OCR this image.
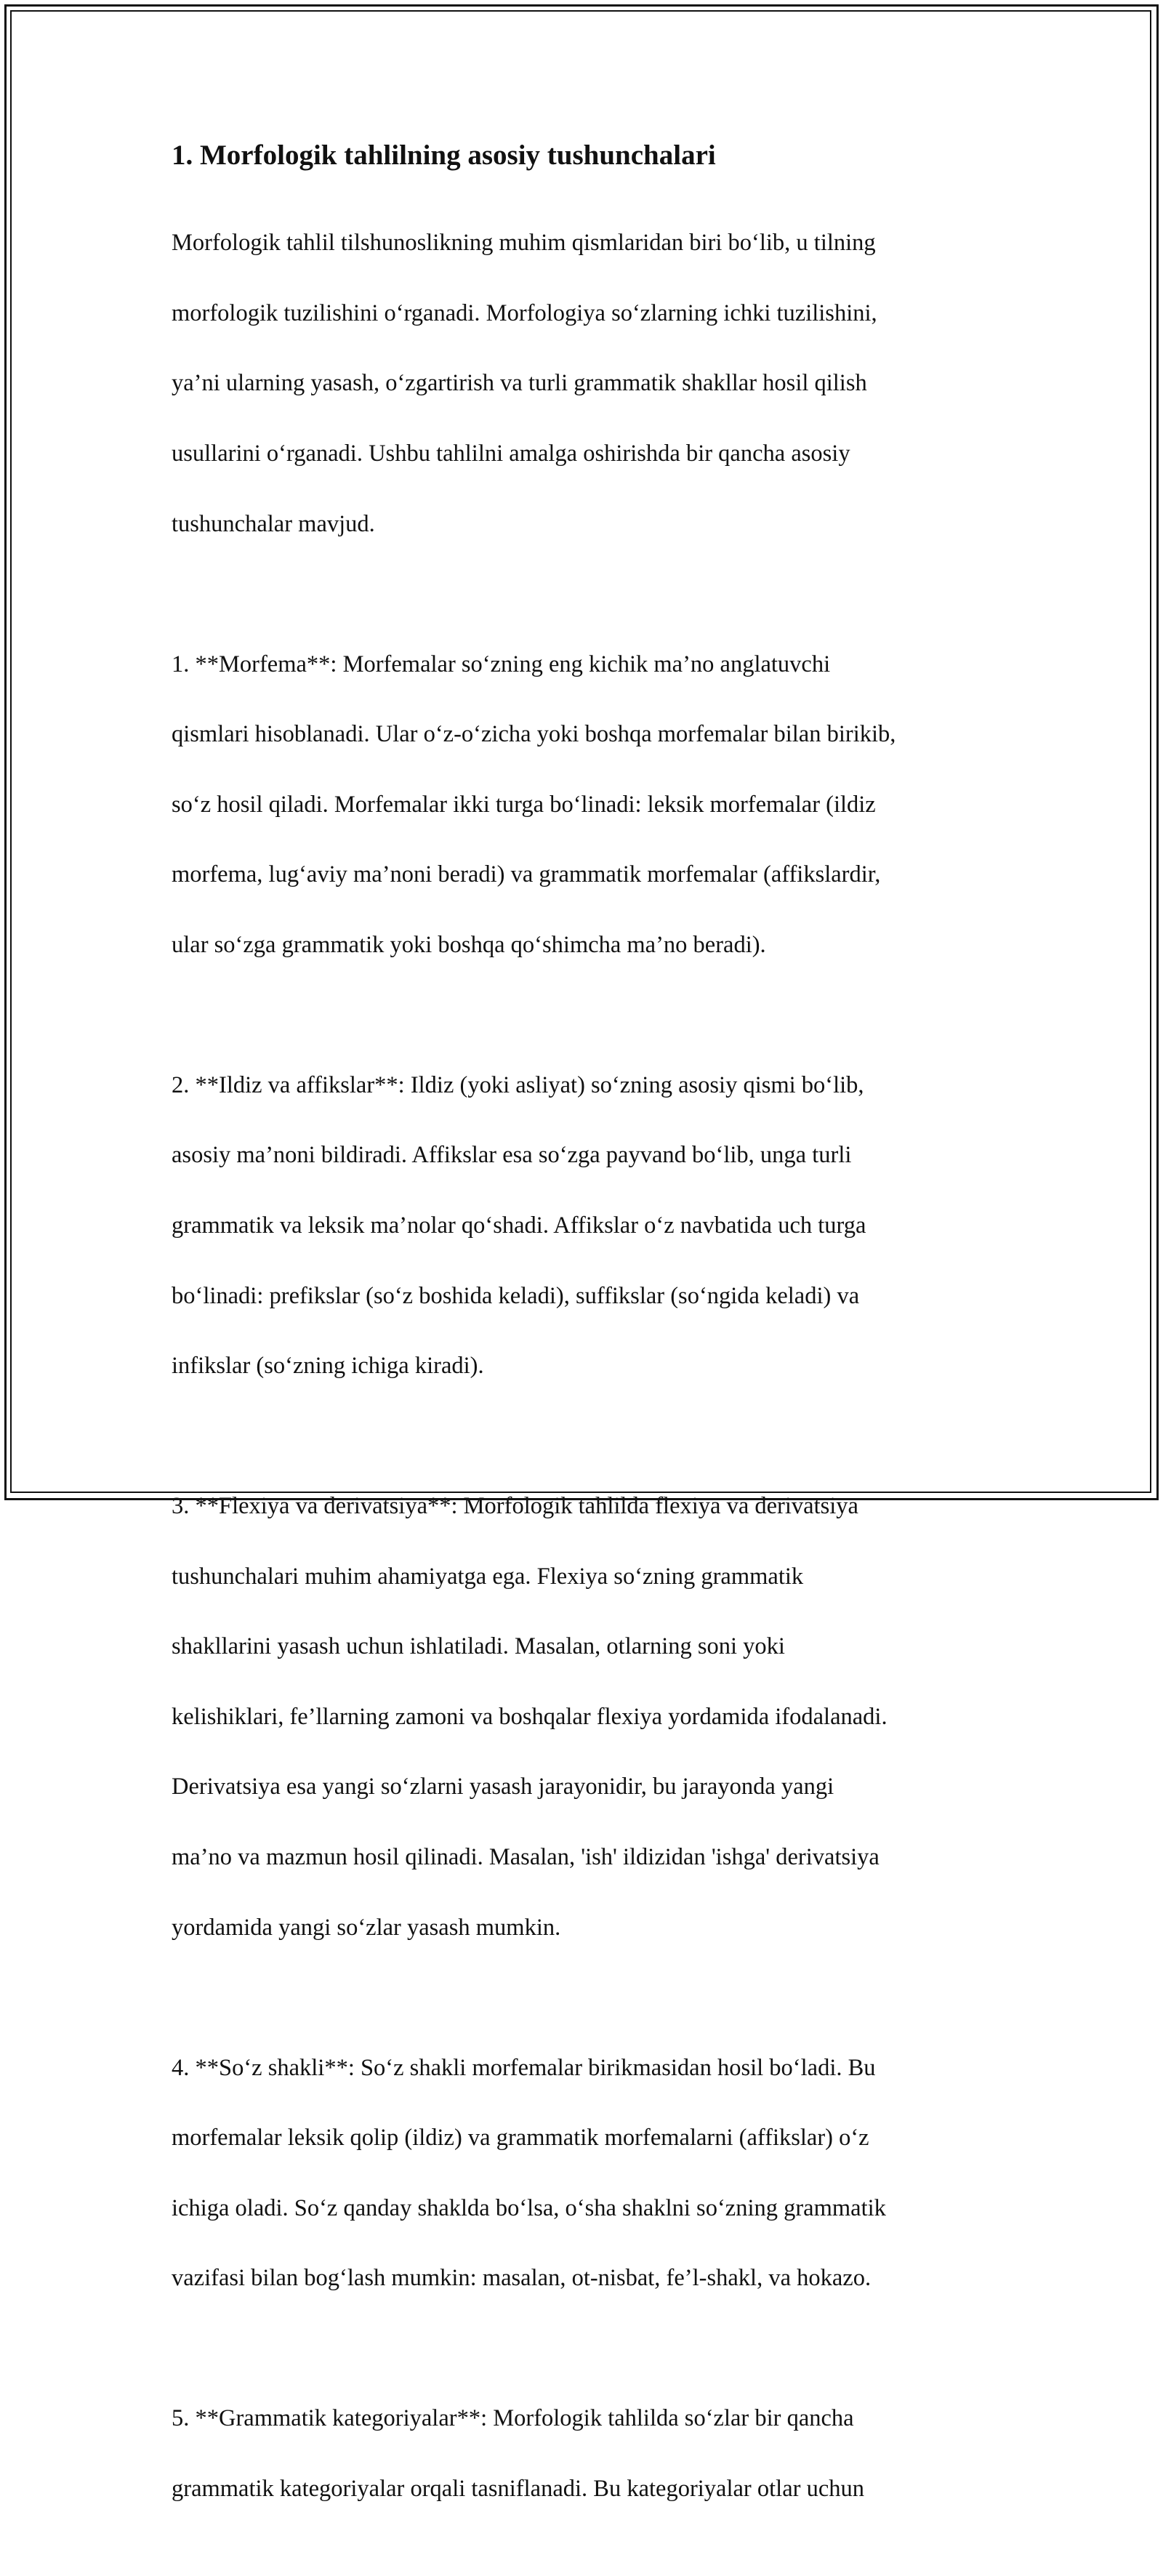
1. Morfologik tahlilning asosiy tushunchalari

Morfologik tahlil tilshunoslikning muhim qismlaridan biri bo‘lib, u tilning

morfologik tuzilishini o‘rganadi. Morfologiya so‘zlarning ichki tuzilishini,

ya’ni ularning yasash, o‘zgartirish va turli grammatik shakllar hosil qilish

usullarini o‘rganadi. Ushbu tahlilni amalga oshirishda bir qancha asosiy

tushunchalar mavjud.

1. **Morfema**: Morfemalar so‘zning eng kichik ma’no anglatuvchi

qismlari hisoblanadi. Ular o‘z-o‘zicha yoki boshqa morfemalar bilan birikib,

so‘z hosil qiladi. Morfemalar ikki turga bo‘linadi: leksik morfemalar (ildiz

morfema, lug‘aviy ma’noni beradi) va grammatik morfemalar (affikslardir,

ular so‘zga grammatik yoki boshqa qo‘shimcha ma’no beradi).

2. **Ildiz va affikslar**: Ildiz (yoki asliyat) so‘zning asosiy qismi bo‘lib,

asosiy ma’noni bildiradi. Affikslar esa so‘zga payvand bo‘lib, unga turli

grammatik va leksik ma’nolar qo‘shadi. Affikslar o‘z navbatida uch turga

bo‘linadi: prefikslar (so‘z boshida keladi), suffikslar (so‘ngida keladi) va

infikslar (so‘zning ichiga kiradi).

3. **Flexiya va derivatsiya**: Morfologik tahlilda flexiya va derivatsiya

tushunchalari muhim ahamiyatga ega. Flexiya so‘zning grammatik

shakllarini yasash uchun ishlatiladi. Masalan, otlarning soni yoki

kelishiklari, fe’llarning zamoni va boshqalar flexiya yordamida ifodalanadi.

Derivatsiya esa yangi so‘zlarni yasash jarayonidir, bu jarayonda yangi

ma’no va mazmun hosil qilinadi. Masalan, 'ish' ildizidan 'ishga' derivatsiya

yordamida yangi so‘zlar yasash mumkin.

4. **So‘z shakli**: So‘z shakli morfemalar birikmasidan hosil bo‘ladi. Bu

morfemalar leksik qolip (ildiz) va grammatik morfemalarni (affikslar) o‘z

ichiga oladi. So‘z qanday shaklda bo‘lsa, o‘sha shaklni so‘zning grammatik

vazifasi bilan bog‘lash mumkin: masalan, ot-nisbat, fe’l-shakl, va hokazo.

5. **Grammatik kategoriyalar**: Morfologik tahlilda so‘zlar bir qancha

grammatik kategoriyalar orqali tasniflanadi. Bu kategoriyalar otlar uchun
